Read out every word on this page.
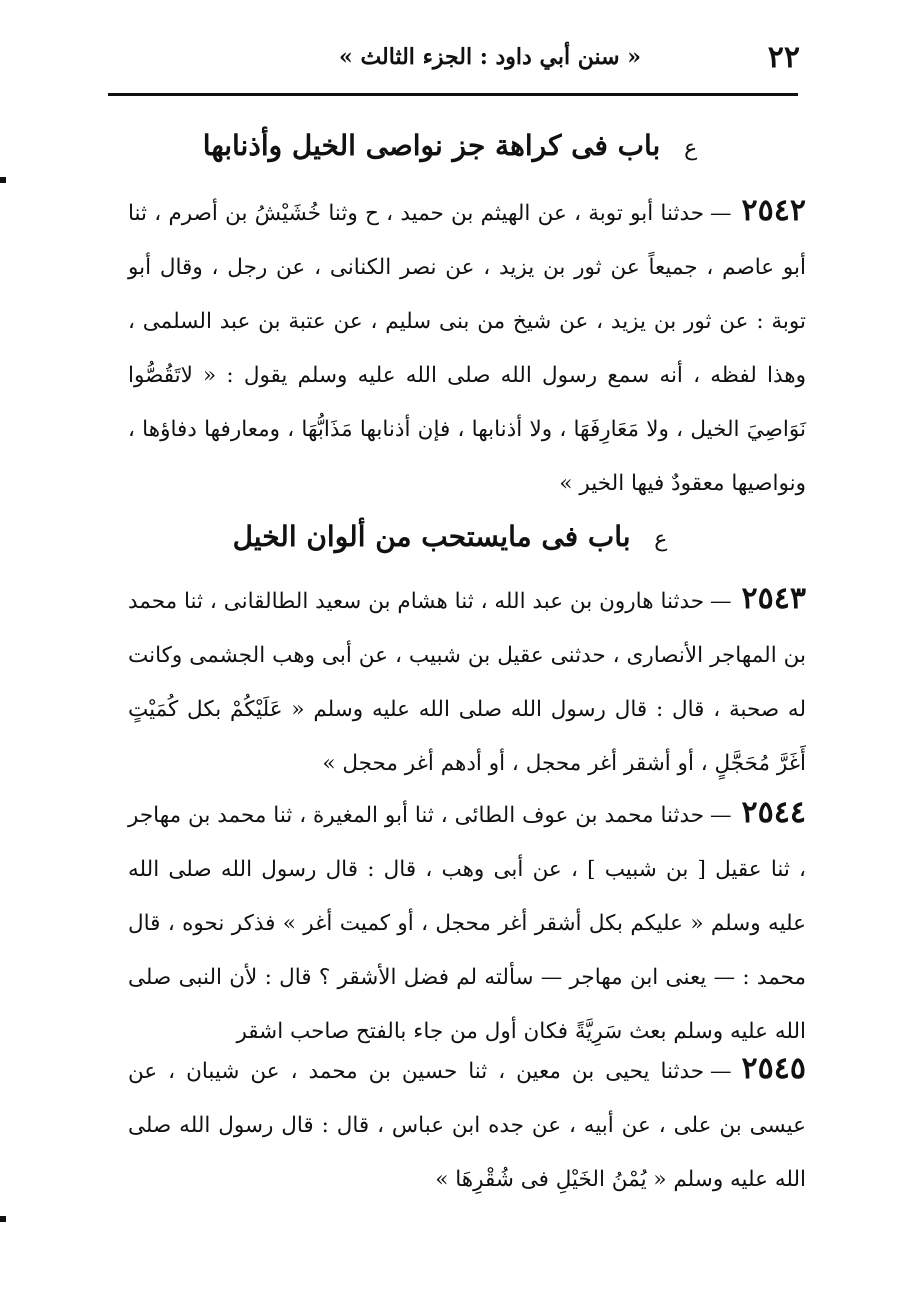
٢٢
« سنن أبي داود : الجزء الثالث »
ع باب فى كراهة جز نواصى الخيل وأذنابها
٢٥٤٢—حدثنا أبو توبة ، عن الهيثم بن حميد ، ح وثنا خُشَيْشُ بن أصرم ، ثنا أبو عاصم ، جميعاً عن ثور بن يزيد ، عن نصر الكنانى ، عن رجل ، وقال أبو توبة : عن ثور بن يزيد ، عن شيخ من بنى سليم ، عن عتبة بن عبد السلمى ، وهذا لفظه ، أنه سمع رسول الله صلى الله عليه وسلم يقول : « لاتَقُصُّوا نَوَاصِيَ الخيل ، ولا مَعَارِفَهَا ، ولا أذنابها ، فإن أذنابها مَذَابُّهَا ، ومعارفها دفاؤها ، ونواصيها معقودٌ فيها الخير »
ع باب فى مايستحب من ألوان الخيل
٢٥٤٣—حدثنا هارون بن عبد الله ، ثنا هشام بن سعيد الطالقانى ، ثنا محمد بن المهاجر الأنصارى ، حدثنى عقيل بن شبيب ، عن أبى وهب الجشمى وكانت له صحبة ، قال : قال رسول الله صلى الله عليه وسلم « عَلَيْكُمْ بكل كُمَيْتٍ أَغَرَّ مُحَجَّلٍ ، أو أشقر أغر محجل ، أو أدهم أغر محجل »
٢٥٤٤—حدثنا محمد بن عوف الطائى ، ثنا أبو المغيرة ، ثنا محمد بن مهاجر ، ثنا عقيل [ بن شبيب ] ، عن أبى وهب ، قال : قال رسول الله صلى الله عليه وسلم « عليكم بكل أشقر أغر محجل ، أو كميت أغر » فذكر نحوه ، قال محمد : — يعنى ابن مهاجر — سألته لم فضل الأشقر ؟ قال : لأن النبى صلى الله عليه وسلم بعث سَرِيَّةً فكان أول من جاء بالفتح صاحب اشقر
٢٥٤٥—حدثنا يحيى بن معين ، ثنا حسين بن محمد ، عن شيبان ، عن عيسى بن على ، عن أبيه ، عن جده ابن عباس ، قال : قال رسول الله صلى الله عليه وسلم « يُمْنُ الخَيْلِ فى شُقْرِهَا »
